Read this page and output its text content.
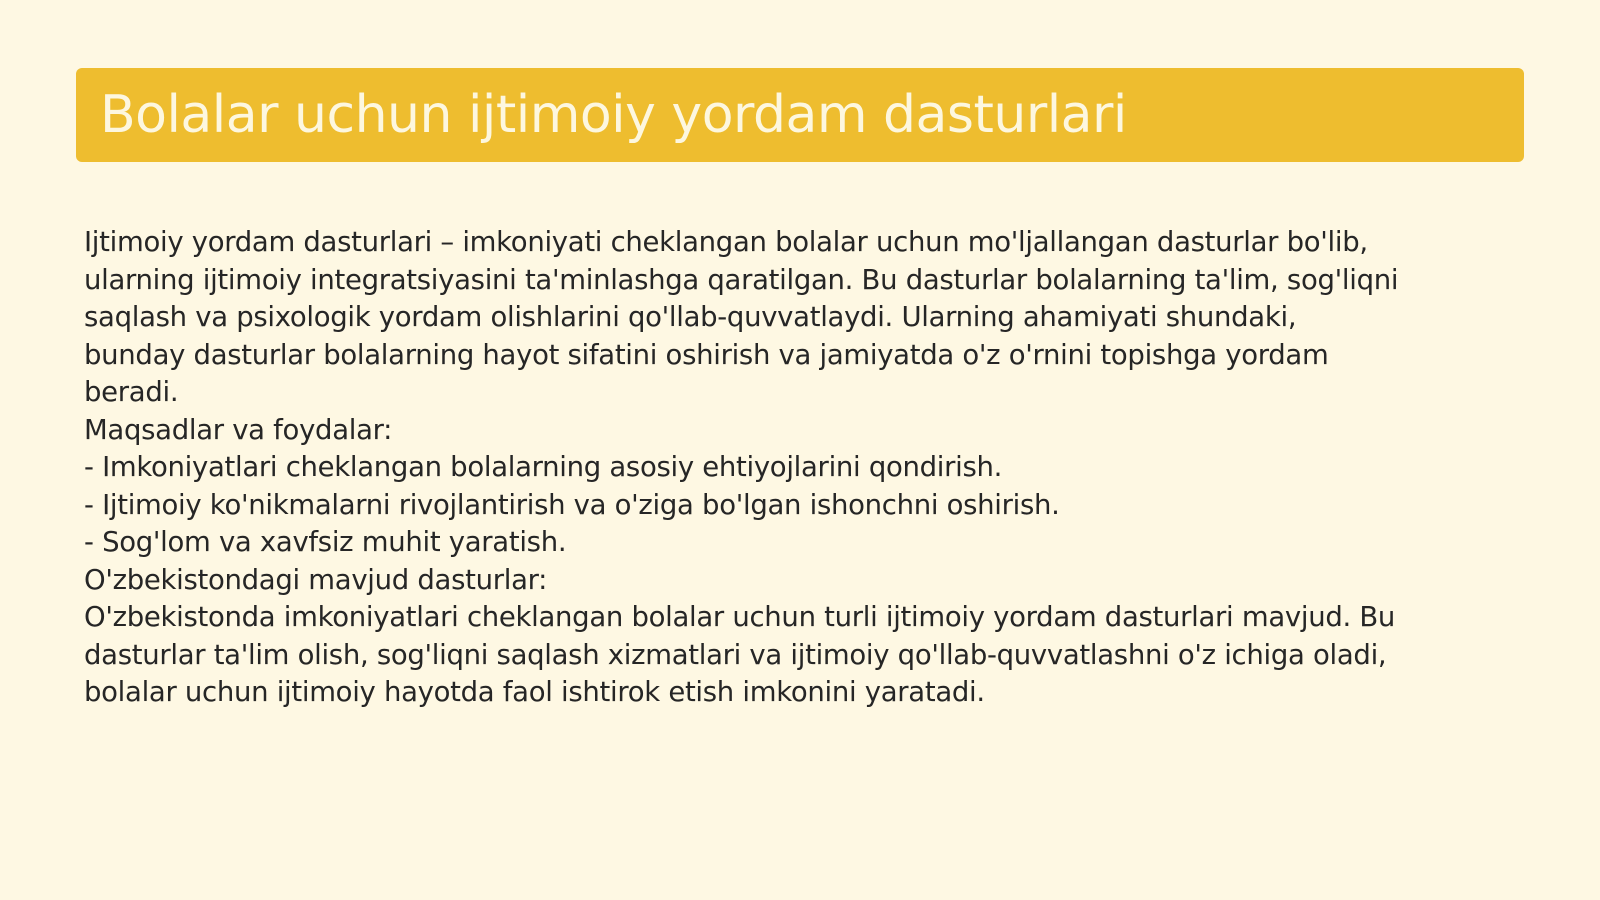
Bolalar uchun ijtimoiy yordam dasturlari
Ijtimoiy yordam dasturlari – imkoniyati cheklangan bolalar uchun mo'ljallangan dasturlar bo'lib,
ularning ijtimoiy integratsiyasini ta'minlashga qaratilgan. Bu dasturlar bolalarning ta'lim, sog'liqni
saqlash va psixologik yordam olishlarini qo'llab-quvvatlaydi. Ularning ahamiyati shundaki,
bunday dasturlar bolalarning hayot sifatini oshirish va jamiyatda o'z o'rnini topishga yordam
beradi.
Maqsadlar va foydalar:
- Imkoniyatlari cheklangan bolalarning asosiy ehtiyojlarini qondirish.
- Ijtimoiy ko'nikmalarni rivojlantirish va o'ziga bo'lgan ishonchni oshirish.
- Sog'lom va xavfsiz muhit yaratish.
O'zbekistondagi mavjud dasturlar:
O'zbekistonda imkoniyatlari cheklangan bolalar uchun turli ijtimoiy yordam dasturlari mavjud. Bu
dasturlar ta'lim olish, sog'liqni saqlash xizmatlari va ijtimoiy qo'llab-quvvatlashni o'z ichiga oladi,
bolalar uchun ijtimoiy hayotda faol ishtirok etish imkonini yaratadi.
